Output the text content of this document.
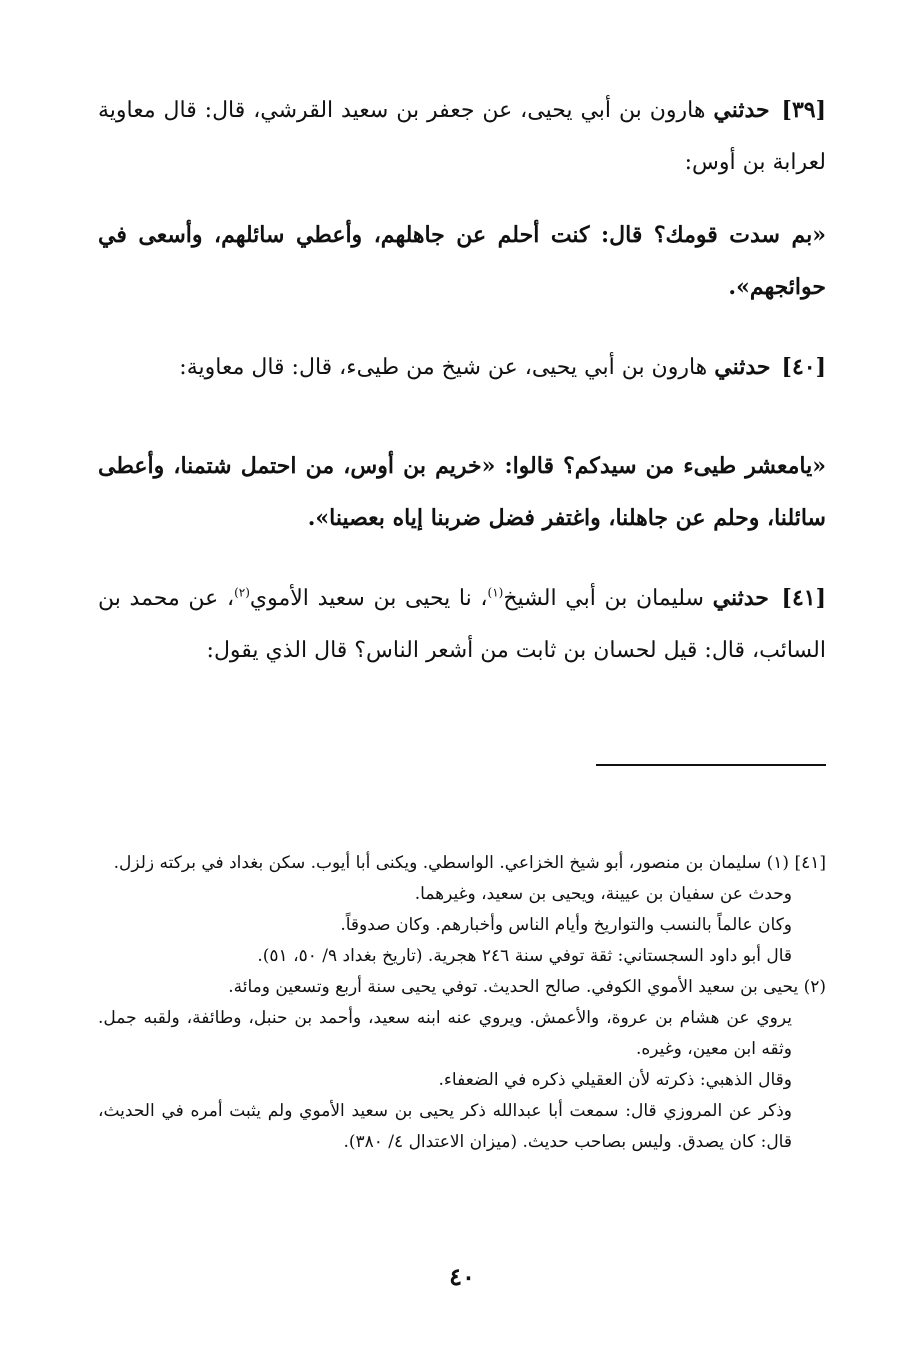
[٣٩] حدثني هارون بن أبي يحيى، عن جعفر بن سعيد القرشي، قال: قال معاوية لعرابة بن أوس:

«بم سدت قومك؟ قال: كنت أحلم عن جاهلهم، وأعطي سائلهم، وأسعى في حوائجهم».

[٤٠] حدثني هارون بن أبي يحيى، عن شيخ من طيىء، قال: قال معاوية:

«يامعشر طيىء من سيدكم؟ قالوا: «خريم بن أوس، من احتمل شتمنا، وأعطى سائلنا، وحلم عن جاهلنا، واغتفر فضل ضربنا إياه بعصينا».

[٤١] حدثني سليمان بن أبي الشيخ$^{(١)}$، نا يحيى بن سعيد الأموي$^{(٢)}$، عن محمد بن السائب، قال: قيل لحسان بن ثابت من أشعر الناس؟ قال الذي يقول:

[٤١] (١) سليمان بن منصور، أبو شيخ الخزاعي. الواسطي. ويكنى أبا أيوب. سكن بغداد في بركته زلزل.

وحدث عن سفيان بن عيينة، ويحيى بن سعيد، وغيرهما.

وكان عالماً بالنسب والتواريخ وأيام الناس وأخبارهم. وكان صدوقاً.

قال أبو داود السجستاني: ثقة توفي سنة ٢٤٦ هجرية. (تاريخ بغداد ٩/ ٥٠، ٥١).

(٢) يحيى بن سعيد الأموي الكوفي. صالح الحديث. توفي يحيى سنة أربع وتسعين ومائة.

يروي عن هشام بن عروة، والأعمش. ويروي عنه ابنه سعيد، وأحمد بن حنبل، وطائفة، ولقبه جمل. وثقه ابن معين، وغيره.

وقال الذهبي: ذكرته لأن العقيلي ذكره في الضعفاء.

وذكر عن المروزي قال: سمعت أبا عبدالله ذكر يحيى بن سعيد الأموي ولم يثبت أمره في الحديث، قال: كان يصدق. وليس بصاحب حديث. (ميزان الاعتدال ٤/ ٣٨٠).

٤٠
